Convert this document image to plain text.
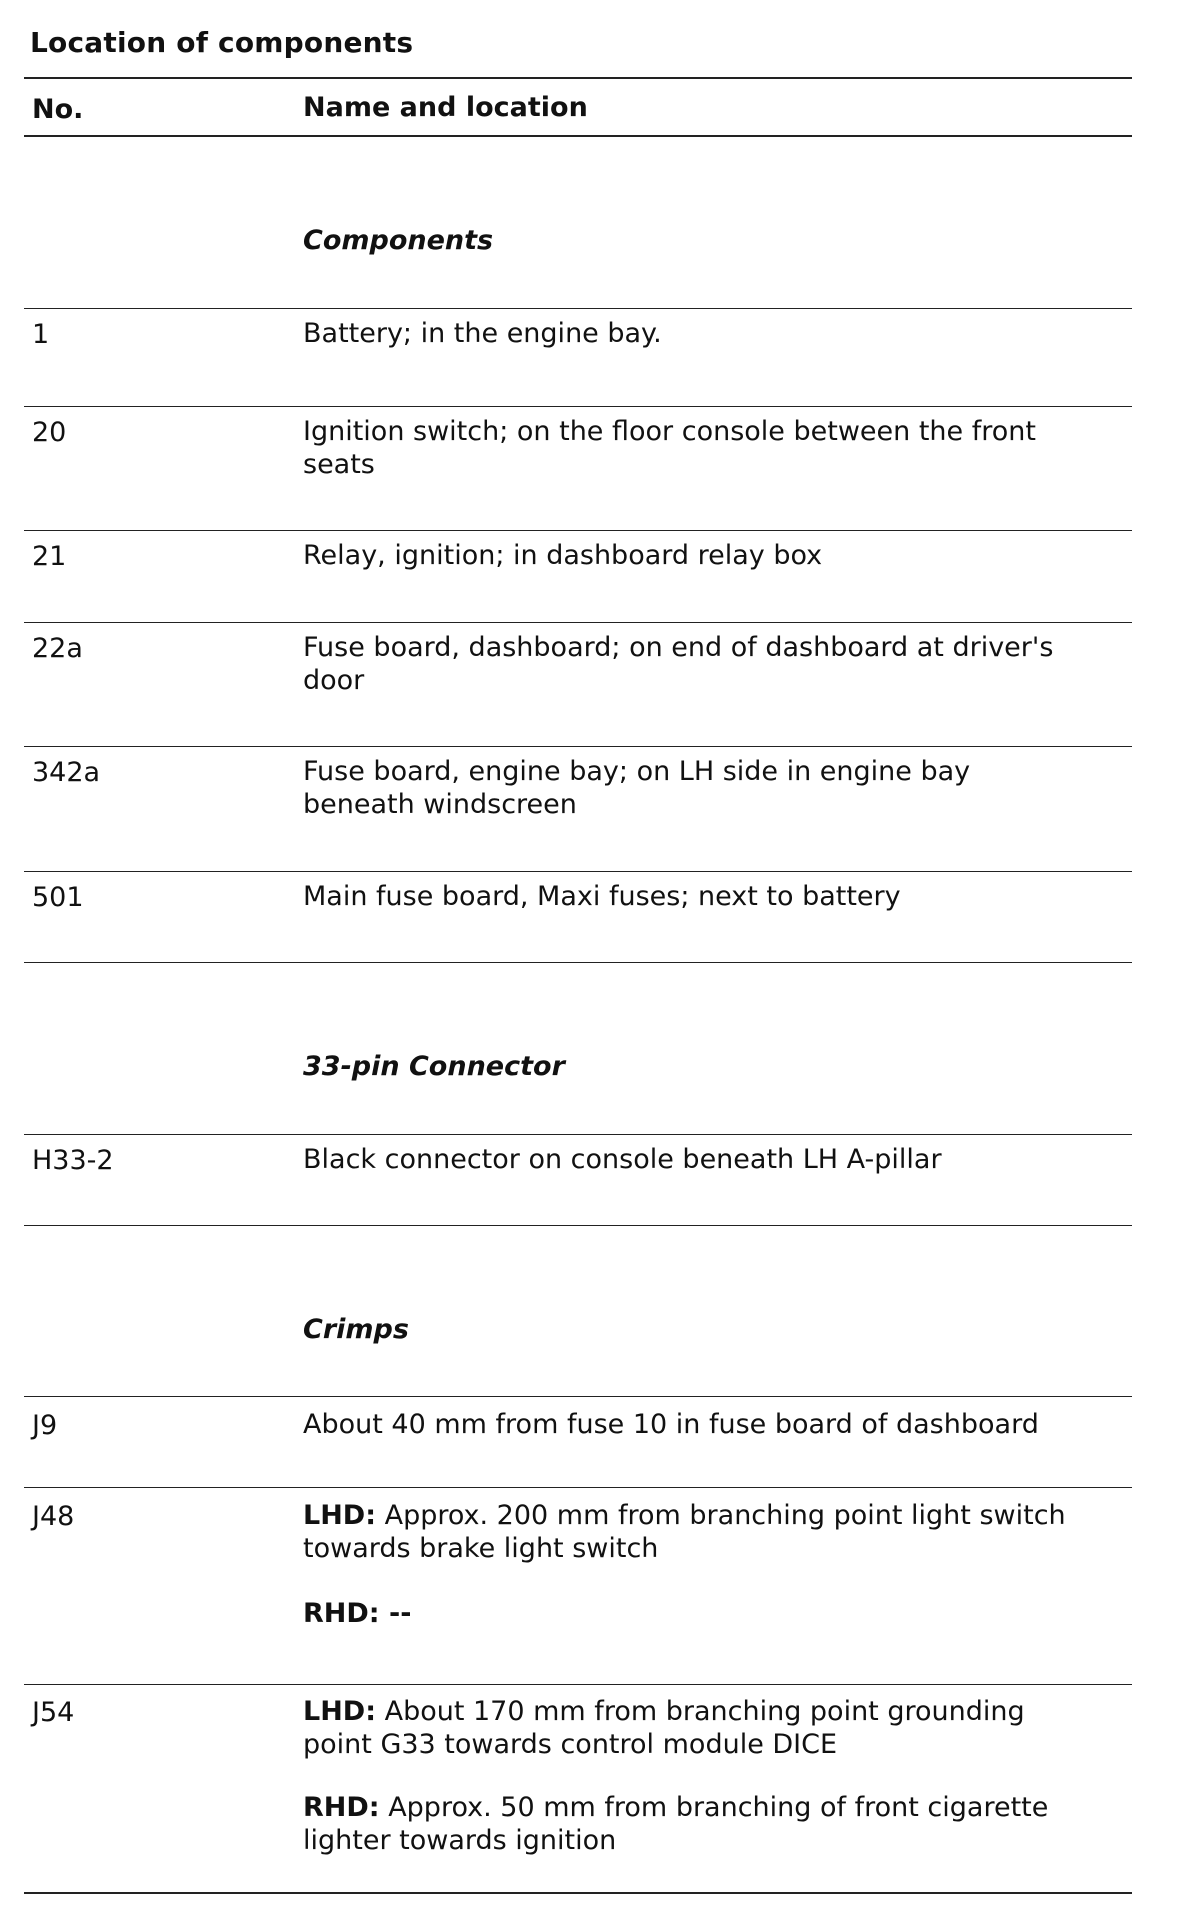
Location of components
No.	Name and location
Components
1	Battery; in the engine bay.
20	Ignition switch; on the floor console between the front
seats
21	Relay, ignition; in dashboard relay box
22a	Fuse board, dashboard; on end of dashboard at driver's
door
342a	Fuse board, engine bay; on LH side in engine bay
beneath windscreen
501	Main fuse board, Maxi fuses; next to battery
33-pin Connector
H33-2	Black connector on console beneath LH A-pillar
Crimps
J9	About 40 mm from fuse 10 in fuse board of dashboard
J48	LHD: Approx. 200 mm from branching point light switch
towards brake light switch
RHD: --
J54	LHD: About 170 mm from branching point grounding
point G33 towards control module DICE
RHD: Approx. 50 mm from branching of front cigarette
lighter towards ignition
